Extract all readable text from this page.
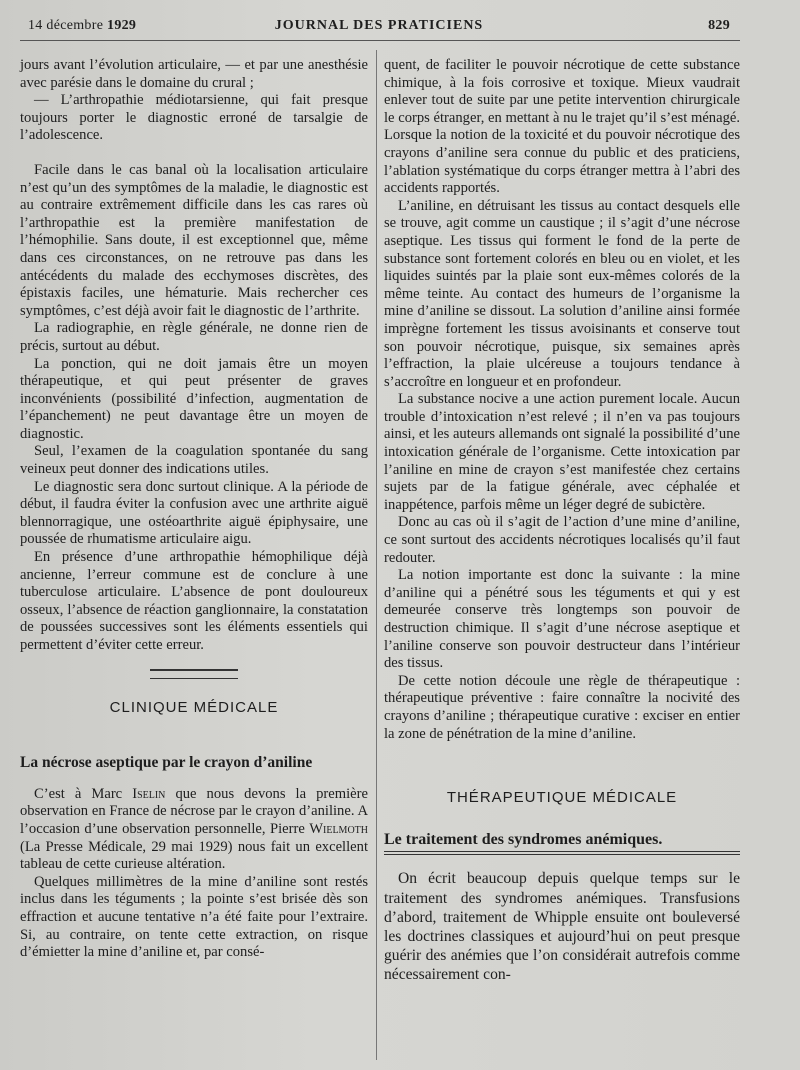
14 décembre 1929	JOURNAL DES PRATICIENS	829

jours avant l’évolution articulaire, — et par une anesthésie avec parésie dans le domaine du crural ;

— L’arthropathie médiotarsienne, qui fait presque toujours porter le diagnostic erroné de tarsalgie de l’adolescence.

Facile dans le cas banal où la localisation articulaire n’est qu’un des symptômes de la maladie, le diagnostic est au contraire extrêmement difficile dans les cas rares où l’arthropathie est la première manifestation de l’hémophilie. Sans doute, il est exceptionnel que, même dans ces circonstances, on ne retrouve pas dans les antécédents du malade des ecchymoses discrètes, des épistaxis faciles, une hématurie. Mais rechercher ces symptômes, c’est déjà avoir fait le diagnostic de l’arthrite.

La radiographie, en règle générale, ne donne rien de précis, surtout au début.

La ponction, qui ne doit jamais être un moyen thérapeutique, et qui peut présenter de graves inconvénients (possibilité d’infection, augmentation de l’épanchement) ne peut davantage être un moyen de diagnostic.

Seul, l’examen de la coagulation spontanée du sang veineux peut donner des indications utiles.

Le diagnostic sera donc surtout clinique. A la période de début, il faudra éviter la confusion avec une arthrite aiguë blennorragique, une ostéoarthrite aiguë épiphysaire, une poussée de rhumatisme articulaire aigu.

En présence d’une arthropathie hémophilique déjà ancienne, l’erreur commune est de conclure à une tuberculose articulaire. L’absence de pont douloureux osseux, l’absence de réaction ganglionnaire, la constatation de poussées successives sont les éléments essentiels qui permettent d’éviter cette erreur.

CLINIQUE MÉDICALE
La nécrose aseptique par le crayon d’aniline

C’est à Marc Iselin que nous devons la première observation en France de nécrose par le crayon d’aniline. A l’occasion d’une observation personnelle, Pierre Wielmoth (La Presse Médicale, 29 mai 1929) nous fait un excellent tableau de cette curieuse altération.

Quelques millimètres de la mine d’aniline sont restés inclus dans les téguments ; la pointe s’est brisée dès son effraction et aucune tentative n’a été faite pour l’extraire. Si, au contraire, on tente cette extraction, on risque d’émietter la mine d’aniline et, par consé-

quent, de faciliter le pouvoir nécrotique de cette substance chimique, à la fois corrosive et toxique. Mieux vaudrait enlever tout de suite par une petite intervention chirurgicale le corps étranger, en mettant à nu le trajet qu’il s’est ménagé. Lorsque la notion de la toxicité et du pouvoir nécrotique des crayons d’aniline sera connue du public et des praticiens, l’ablation systématique du corps étranger mettra à l’abri des accidents rapportés.

L’aniline, en détruisant les tissus au contact desquels elle se trouve, agit comme un caustique ; il s’agit d’une nécrose aseptique. Les tissus qui forment le fond de la perte de substance sont fortement colorés en bleu ou en violet, et les liquides suintés par la plaie sont eux-mêmes colorés de la même teinte. Au contact des humeurs de l’organisme la mine d’aniline se dissout. La solution d’aniline ainsi formée imprègne fortement les tissus avoisinants et conserve tout son pouvoir nécrotique, puisque, six semaines après l’effraction, la plaie ulcéreuse a toujours tendance à s’accroître en longueur et en profondeur.

La substance nocive a une action purement locale. Aucun trouble d’intoxication n’est relevé ; il n’en va pas toujours ainsi, et les auteurs allemands ont signalé la possibilité d’une intoxication générale de l’organisme. Cette intoxication par l’aniline en mine de crayon s’est manifestée chez certains sujets par de la fatigue générale, avec céphalée et inappétence, parfois même un léger degré de subictère.

Donc au cas où il s’agit de l’action d’une mine d’aniline, ce sont surtout des accidents nécrotiques localisés qu’il faut redouter.

La notion importante est donc la suivante : la mine d’aniline qui a pénétré sous les téguments et qui y est demeurée conserve très longtemps son pouvoir de destruction chimique. Il s’agit d’une nécrose aseptique et l’aniline conserve son pouvoir destructeur dans l’intérieur des tissus.

De cette notion découle une règle de thérapeutique : thérapeutique préventive : faire connaître la nocivité des crayons d’aniline ; thérapeutique curative : exciser en entier la zone de pénétration de la mine d’aniline.

THÉRAPEUTIQUE MÉDICALE
Le traitement des syndromes anémiques.

On écrit beaucoup depuis quelque temps sur le traitement des syndromes anémiques. Transfusions d’abord, traitement de Whipple ensuite ont bouleversé les doctrines classiques et aujourd’hui on peut presque guérir des anémies que l’on considérait autrefois comme nécessairement con-
